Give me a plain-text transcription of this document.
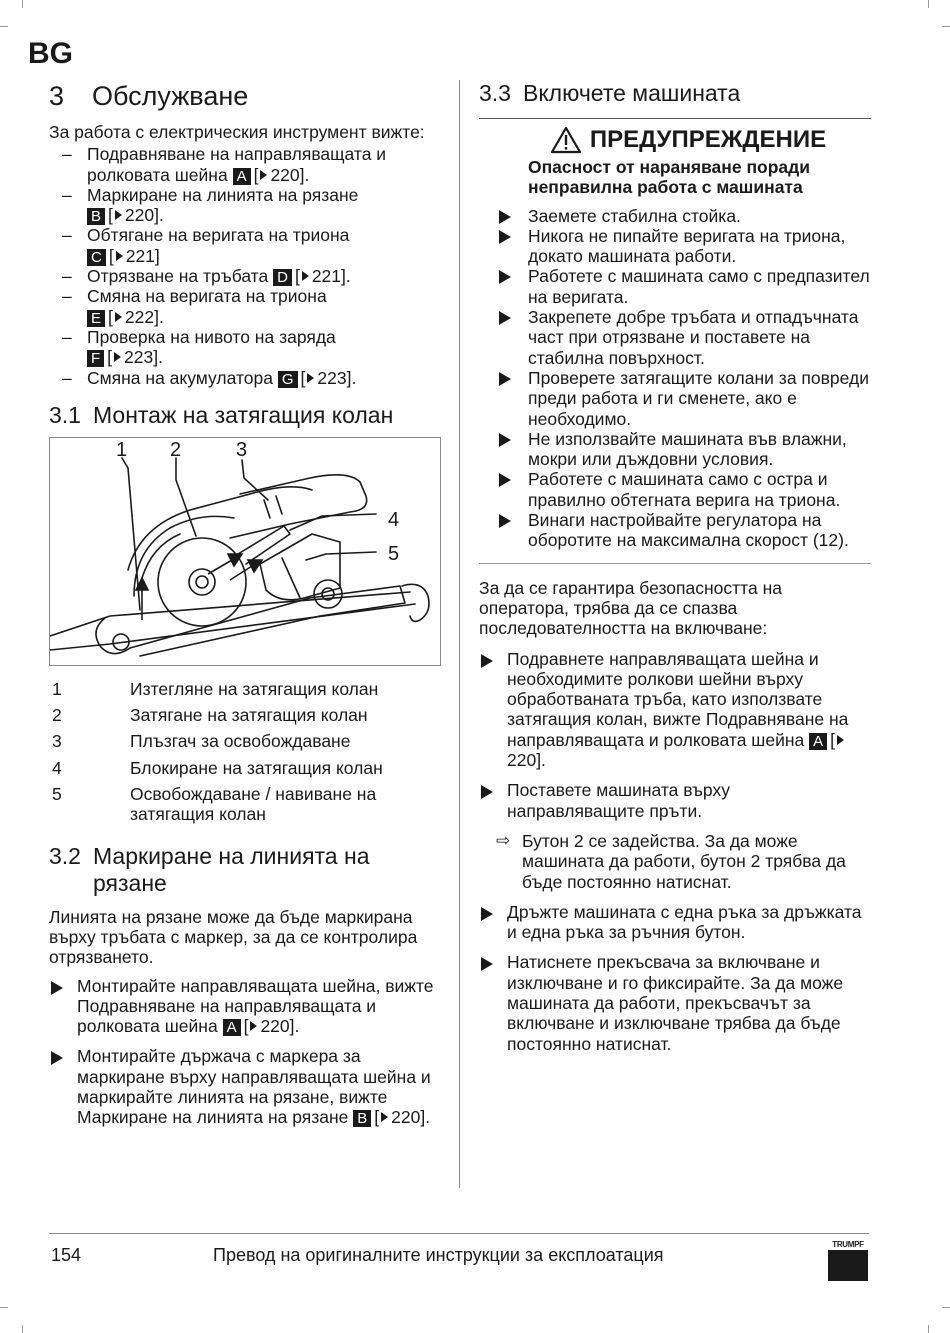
BG
3 Обслужване

За работа с електрическия инструмент вижте:

– Подравняване на направляващата и ролковата шейна A [ 220].
– Маркиране на линията на рязане
B [ 220].
– Обтягане на веригата на триона
C [ 221]
– Отрязване на тръбата D [ 221].
– Смяна на веригата на триона
E [ 222].
– Проверка на нивото на заряда
F [ 223].
– Смяна на акумулатора G [ 223].
3.1 Монтаж на затягащия колан
1 2	3
4
5
1	Изтегляне на затягащия колан
2	Затягане на затягащия колан
3	Плъзгач за освобождаване
4	Блокиране на затягащия колан
5	Освобождаване / навиване на затягащия колан
3.2 Маркиране на линията на рязане

Линията на рязане може да бъде маркирана върху тръбата с маркер, за да се контролира отрязването.

Монтирайте направляващата шейна, вижте Подравняване на направляващата и ролковата шейна A [ 220].
Монтирайте държача с маркера за маркиране върху направляващата шейна и маркирайте линията на рязане, вижте Маркиране на линията на рязане B [ 220].
3.3 Включете машината
ПРЕДУПРЕЖДЕНИЕ

Опасност от нараняване поради неправилна работа с машината

Заемете стабилна стойка.
Никога не пипайте веригата на триона, докато машината работи.
Работете с машината само с предпазител на веригата.
Закрепете добре тръбата и отпадъчната част при отрязване и поставете на стабилна повърхност.
Проверете затягащите колани за повреди преди работа и ги сменете, ако е необходимо.
Не използвайте машината във влажни, мокри или дъждовни условия.
Работете с машината само с остра и правилно обтегната верига на триона.
Винаги настройвайте регулатора на оборотите на максимална скорост (12).

За да се гарантира безопасността на оператора, трябва да се спазва последователността на включване:

Подравнете направляващата шейна и необходимите ролкови шейни върху обработваната тръба, като използвате затягащия колан, вижте Подравняване на направляващата и ролковата шейна A [220].
Поставете машината върху направляващите пръти.
⇨ Бутон 2 се задейства. За да може машината да работи, бутон 2 трябва да бъде постоянно натиснат.
Дръжте машината с една ръка за дръжката и една ръка за ръчния бутон.
Натиснете прекъсвача за включване и изключване и го фиксирайте. За да може машината да работи, прекъсвачът за включване и изключване трябва да бъде постоянно натиснат.
154	Превод на оригиналните инструкции за експлоатация
TRUMPF
